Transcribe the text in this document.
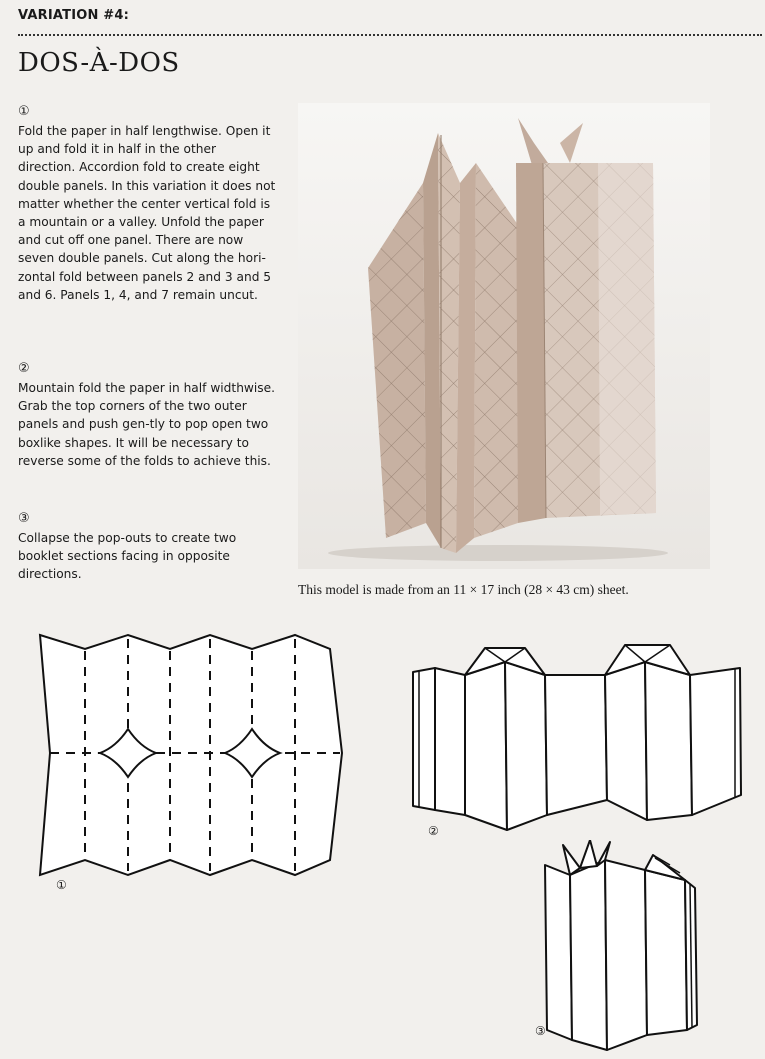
VARIATION #4:
DOS-À-DOS
①
Fold the paper in half lengthwise. Open it up and fold it in half in the other direction. Accordion fold to create eight double panels. In this variation it does not matter whether the center vertical fold is a mountain or a valley. Unfold the paper and cut off one panel. There are now seven double panels. Cut along the hori-zontal fold between panels 2 and 3 and 5 and 6. Panels 1, 4, and 7 remain uncut.
②
Mountain fold the paper in half widthwise. Grab the top corners of the two outer panels and push gen-tly to pop open two boxlike shapes. It will be necessary to reverse some of the folds to achieve this.
③
Collapse the pop-outs to create two booklet sections facing in opposite directions.
This model is made from an 11 × 17 inch (28 × 43 cm) sheet.
①
②
③
